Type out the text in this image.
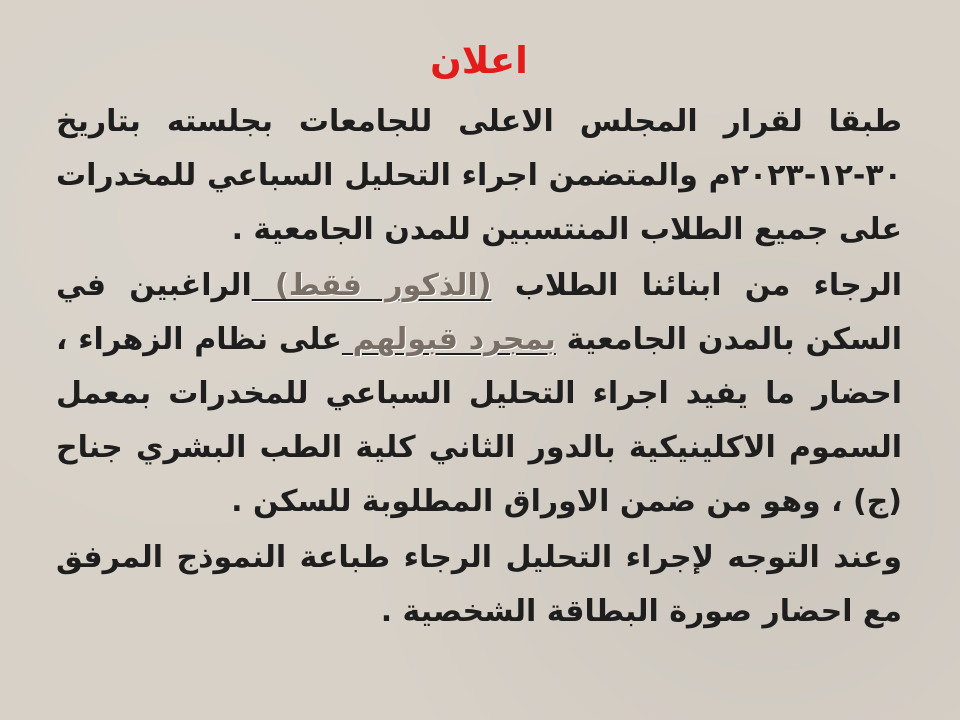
اعلان

طبقا لقرار المجلس الاعلى للجامعات بجلسته بتاريخ ٣٠-١٢-٢٠٢٣م والمتضمن اجراء التحليل السباعي للمخدرات على جميع الطلاب المنتسبين للمدن الجامعية .

الرجاء من ابنائنا الطلاب (الذكور فقط) الراغبين في السكن بالمدن الجامعية بمجرد قبولهم على نظام الزهراء ، احضار ما يفيد اجراء التحليل السباعي للمخدرات بمعمل السموم الاكلينيكية بالدور الثاني كلية الطب البشري جناح (ج) ، وهو من ضمن الاوراق المطلوبة للسكن .

وعند التوجه لإجراء التحليل الرجاء طباعة النموذج المرفق مع احضار صورة البطاقة الشخصية .
